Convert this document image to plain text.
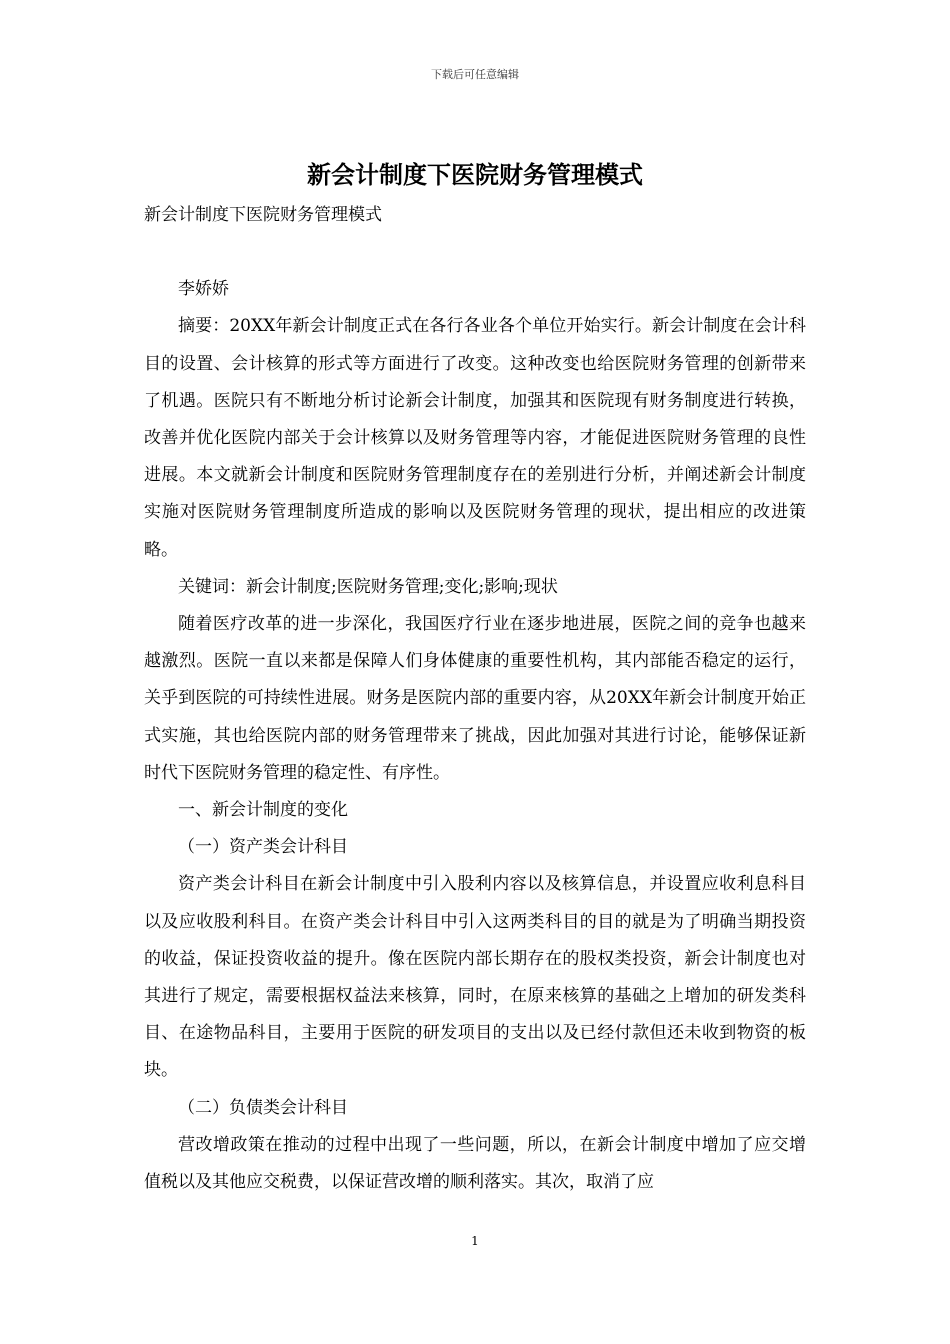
下载后可任意编辑
新会计制度下医院财务管理模式

新会计制度下医院财务管理模式

李娇娇

摘要：20XX年新会计制度正式在各行各业各个单位开始实行。新会计制度在会计科目的设置、会计核算的形式等方面进行了改变。这种改变也给医院财务管理的创新带来了机遇。医院只有不断地分析讨论新会计制度，加强其和医院现有财务制度进行转换，改善并优化医院内部关于会计核算以及财务管理等内容，才能促进医院财务管理的良性进展。本文就新会计制度和医院财务管理制度存在的差别进行分析，并阐述新会计制度实施对医院财务管理制度所造成的影响以及医院财务管理的现状，提出相应的改进策略。

关键词：新会计制度;医院财务管理;变化;影响;现状

随着医疗改革的进一步深化，我国医疗行业在逐步地进展，医院之间的竞争也越来越激烈。医院一直以来都是保障人们身体健康的重要性机构，其内部能否稳定的运行，关乎到医院的可持续性进展。财务是医院内部的重要内容，从20XX年新会计制度开始正式实施，其也给医院内部的财务管理带来了挑战，因此加强对其进行讨论，能够保证新时代下医院财务管理的稳定性、有序性。

一、新会计制度的变化

（一）资产类会计科目

资产类会计科目在新会计制度中引入股利内容以及核算信息，并设置应收利息科目以及应收股利科目。在资产类会计科目中引入这两类科目的目的就是为了明确当期投资的收益，保证投资收益的提升。像在医院内部长期存在的股权类投资，新会计制度也对其进行了规定，需要根据权益法来核算，同时，在原来核算的基础之上增加的研发类科目、在途物品科目，主要用于医院的研发项目的支出以及已经付款但还未收到物资的板块。

（二）负债类会计科目

营改增政策在推动的过程中出现了一些问题，所以，在新会计制度中增加了应交增值税以及其他应交税费，以保证营改增的顺利落实。其次，取消了应

1
